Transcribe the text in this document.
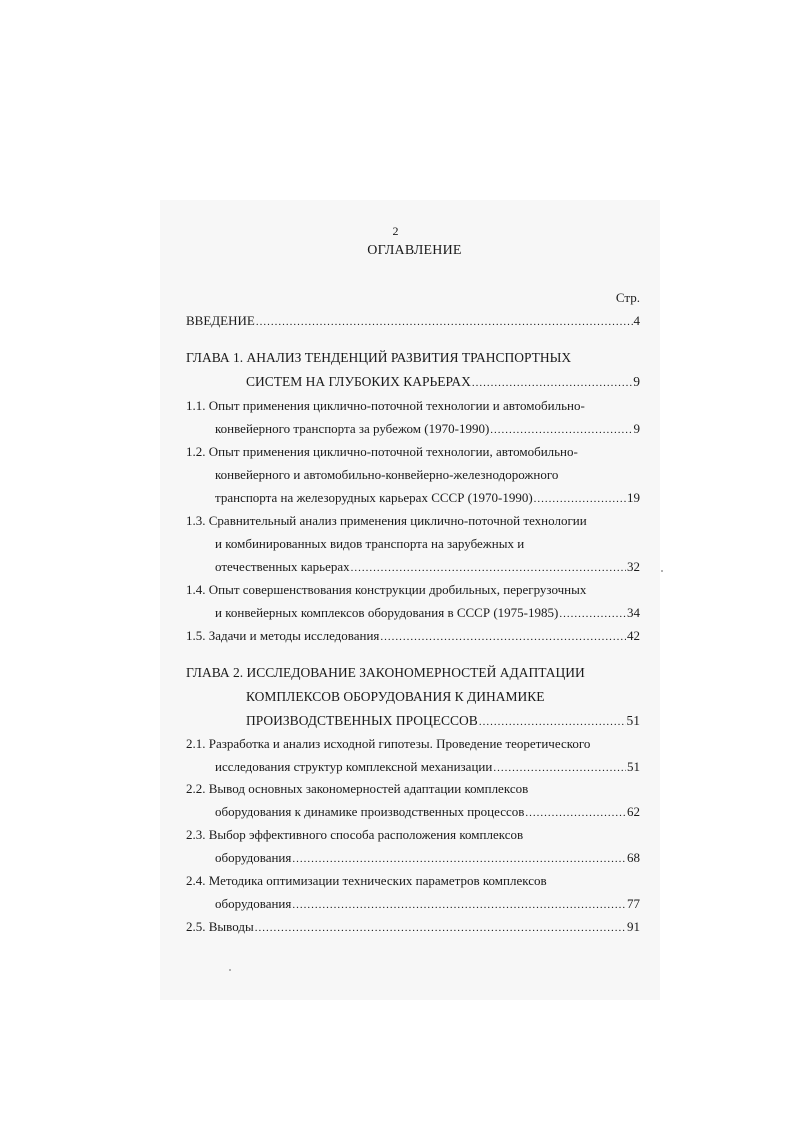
2
ОГЛАВЛЕНИЕ
Стр.
ВВЕДЕНИЕ .....	4
ГЛАВА 1. АНАЛИЗ ТЕНДЕНЦИЙ РАЗВИТИЯ ТРАНСПОРТНЫХ
СИСТЕМ НА ГЛУБОКИХ КАРЬЕРАХ .....	9
1.1. Опыт применения циклично-поточной технологии и автомобильно-
конвейерного транспорта за рубежом (1970-1990) .....	9
1.2. Опыт применения циклично-поточной технологии, автомобильно-
конвейерного и автомобильно-конвейерно-железнодорожного
транспорта на железорудных карьерах СССР (1970-1990) .....	19
1.3. Сравнительный анализ применения циклично-поточной технологии
и комбинированных видов транспорта на зарубежных и
отечественных карьерах .....	32
1.4. Опыт совершенствования конструкции дробильных, перегрузочных
и конвейерных комплексов оборудования в СССР (1975-1985) .....	34
1.5. Задачи и методы исследования .....	42
ГЛАВА 2. ИССЛЕДОВАНИЕ ЗАКОНОМЕРНОСТЕЙ АДАПТАЦИИ
КОМПЛЕКСОВ ОБОРУДОВАНИЯ К ДИНАМИКЕ
ПРОИЗВОДСТВЕННЫХ ПРОЦЕССОВ .....	51
2.1. Разработка и анализ исходной гипотезы. Проведение теоретического
исследования структур комплексной механизации .....	51
2.2. Вывод основных закономерностей адаптации комплексов
оборудования к динамике производственных процессов .....	62
2.3. Выбор эффективного способа расположения комплексов
оборудования .....	68
2.4. Методика оптимизации технических параметров комплексов
оборудования .....	77
2.5. Выводы .....	91
